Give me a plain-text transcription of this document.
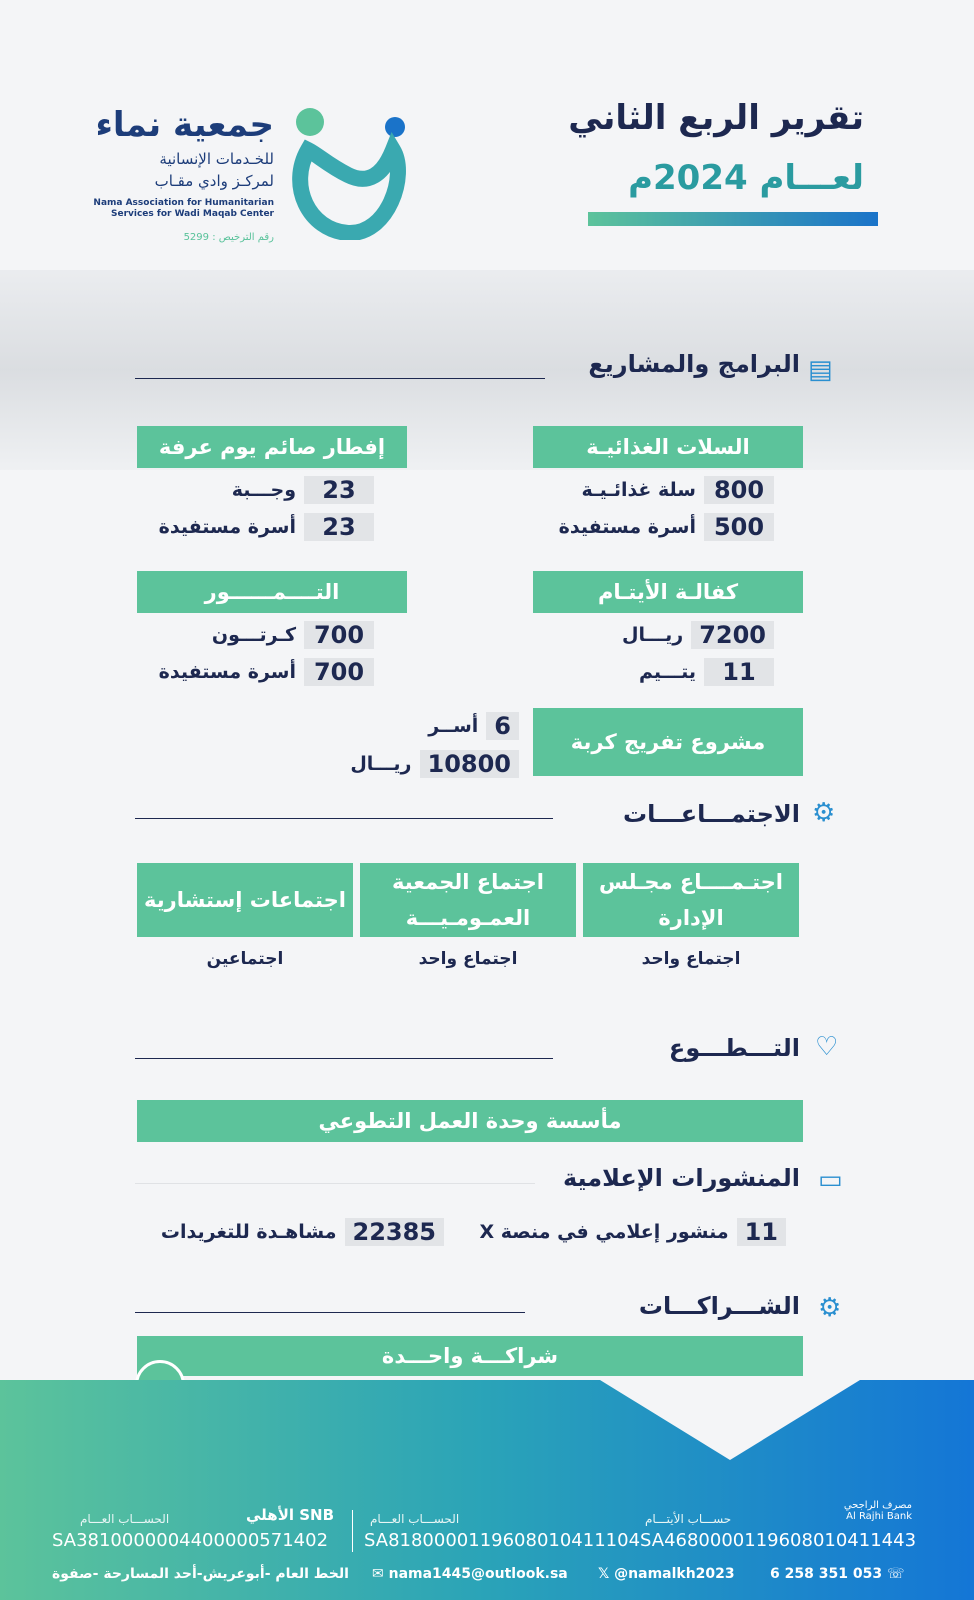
تقرير الربع الثاني
لعـــام 2024م
جمعية نماء
للخـدمات الإنسانية
لمركـز وادي مقـاب
Nama Association for Humanitarian
Services for Wadi Maqab Center
رقم الترخيص : 5299
▤
البرامج والمشاريع
السلات الغذائيـة
800
سلة غذائـيـة
500
أسرة مستفيدة
إفطار صائم يوم عرفة
23
وجـــبة
23
أسرة مستفيدة
كفالـة الأيتـام
7200
ريـــال
11
يتـــيم
التــــمــــــور
700
كـرتـــون
700
أسرة مستفيدة
مشروع تفريج كربة
6
أســر
10800
ريـــال
⚙
الاجتمـــاعـــات
اجتـمــــاع مجـلس الإدارة
اجتماع الجمعية العمـومـيـــة
اجتماعات إستشارية
اجتماع واحد
اجتماع واحد
اجتماعين
♡
التـــطـــوع
مأسسة وحدة العمل التطوعي
▭
المنشورات الإعلامية
11
منشور إعلامي في منصة X
22385
مشاهـدة للتغريدات
⚙
الشـــراكـــات
شراكـــة واحـــدة
مصرف الراجحي
Al Rajhi Bank
حســـاب الأيتـــام
الحســـاب العـــام
الأهلي SNB
الحســـاب العـــام
SA4680000119608010411443
SA8180000119608010411104
SA3810000004400000571402
☏ 053 351 258 6
𝕏 @namalkh2023
✉ nama1445@outlook.sa
الخط العام -أبوعريش-أحد المسارحة -صفوة
